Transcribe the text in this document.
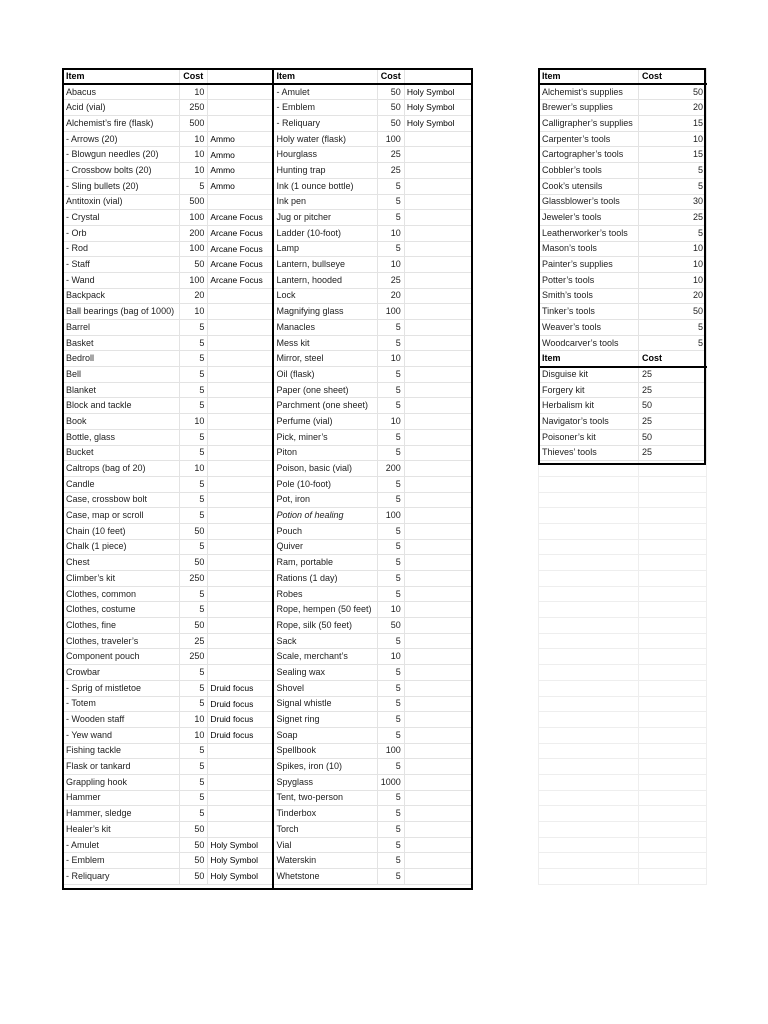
Item	Cost		Item	Cost	
Abacus	10		- Amulet	50	Holy Symbol
Acid (vial)	250		- Emblem	50	Holy Symbol
Alchemist’s fire (flask)	500		- Reliquary	50	Holy Symbol
- Arrows (20)	10	Ammo	Holy water (flask)	100	
- Blowgun needles (20)	10	Ammo	Hourglass	25	
- Crossbow bolts (20)	10	Ammo	Hunting trap	25	
- Sling bullets (20)	5	Ammo	Ink (1 ounce bottle)	5	
Antitoxin (vial)	500		Ink pen	5	
- Crystal	100	Arcane Focus	Jug or pitcher	5	
- Orb	200	Arcane Focus	Ladder (10-foot)	10	
- Rod	100	Arcane Focus	Lamp	5	
- Staff	50	Arcane Focus	Lantern, bullseye	10	
- Wand	100	Arcane Focus	Lantern, hooded	25	
Backpack	20		Lock	20	
Ball bearings (bag of 1000)	10		Magnifying glass	100	
Barrel	5		Manacles	5	
Basket	5		Mess kit	5	
Bedroll	5		Mirror, steel	10	
Bell	5		Oil (flask)	5	
Blanket	5		Paper (one sheet)	5	
Block and tackle	5		Parchment (one sheet)	5	
Book	10		Perfume (vial)	10	
Bottle, glass	5		Pick, miner’s	5	
Bucket	5		Piton	5	
Caltrops (bag of 20)	10		Poison, basic (vial)	200	
Candle	5		Pole (10-foot)	5	
Case, crossbow bolt	5		Pot, iron	5	
Case, map or scroll	5		Potion of healing	100	
Chain (10 feet)	50		Pouch	5	
Chalk (1 piece)	5		Quiver	5	
Chest	50		Ram, portable	5	
Climber’s kit	250		Rations (1 day)	5	
Clothes, common	5		Robes	5	
Clothes, costume	5		Rope, hempen (50 feet)	10	
Clothes, fine	50		Rope, silk (50 feet)	50	
Clothes, traveler’s	25		Sack	5	
Component pouch	250		Scale, merchant’s	10	
Crowbar	5		Sealing wax	5	
- Sprig of mistletoe	5	Druid focus	Shovel	5	
- Totem	5	Druid focus	Signal whistle	5	
- Wooden staff	10	Druid focus	Signet ring	5	
- Yew wand	10	Druid focus	Soap	5	
Fishing tackle	5		Spellbook	100	
Flask or tankard	5		Spikes, iron (10)	5	
Grappling hook	5		Spyglass	1000	
Hammer	5		Tent, two-person	5	
Hammer, sledge	5		Tinderbox	5	
Healer’s kit	50		Torch	5	
- Amulet	50	Holy Symbol	Vial	5	
- Emblem	50	Holy Symbol	Waterskin	5	
- Reliquary	50	Holy Symbol	Whetstone	5	
Item	Cost
Alchemist’s supplies	50
Brewer’s supplies	20
Calligrapher’s supplies	15
Carpenter’s tools	10
Cartographer’s tools	15
Cobbler’s tools	5
Cook’s utensils	5
Glassblower’s tools	30
Jeweler’s tools	25
Leatherworker’s tools	5
Mason’s tools	10
Painter’s supplies	10
Potter’s tools	10
Smith’s tools	20
Tinker’s tools	50
Weaver’s tools	5
Woodcarver’s tools	5
Item	Cost
Disguise kit	25
Forgery kit	25
Herbalism kit	50
Navigator’s tools	25
Poisoner’s kit	50
Thieves’ tools	25
